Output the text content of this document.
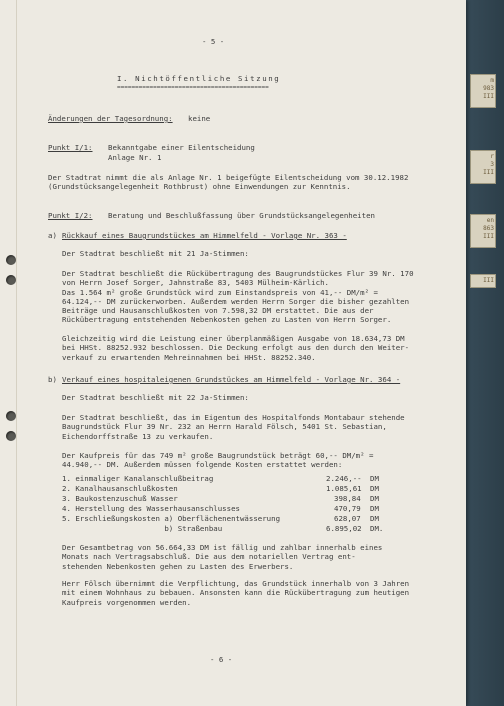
m
983
III
r
3
III
en
863
III
III

- 5 -

I. Nichtöffentliche Sitzung

==========================================

Änderungen der Tagesordnung: keine

Punkt I/1: Bekanntgabe einer Eilentscheidung

Anlage Nr. 1

Der Stadtrat nimmt die als Anlage Nr. 1 beigefügte Eilentscheidung vom 30.12.1982
(Grundstücksangelegenheit Rothbrust) ohne Einwendungen zur Kenntnis.

Punkt I/2: Beratung und Beschlußfassung über Grundstücksangelegenheiten

a) Rückkauf eines Baugrundstückes am Himmelfeld - Vorlage Nr. 363 -

Der Stadtrat beschließt mit 21 Ja-Stimmen:

Der Stadtrat beschließt die Rückübertragung des Baugrundstückes Flur 39 Nr. 170
von Herrn Josef Sorger, Jahnstraße 83, 5403 Mülheim-Kärlich.
Das 1.564 m² große Grundstück wird zum Einstandspreis von 41,-- DM/m² =
64.124,-- DM zurückerworben. Außerdem werden Herrn Sorger die bisher gezahlten
Beiträge und Hausanschlußkosten von 7.598,32 DM erstattet. Die aus der
Rückübertragung entstehenden Nebenkosten gehen zu Lasten von Herrn Sorger.

Gleichzeitig wird die Leistung einer überplanmäßigen Ausgabe von 18.634,73 DM
bei HHSt. 88252.932 beschlossen. Die Deckung erfolgt aus den durch den Weiter-
verkauf zu erwartenden Mehreinnahmen bei HHSt. 88252.340.

b) Verkauf eines hospitaleigenen Grundstückes am Himmelfeld - Vorlage Nr. 364 -

Der Stadtrat beschließt mit 22 Ja-Stimmen:

Der Stadtrat beschließt, das im Eigentum des Hospitalfonds Montabaur stehende
Baugrundstück Flur 39 Nr. 232 an Herrn Harald Fölsch, 5401 St. Sebastian,
Eichendorffstraße 13 zu verkaufen.

Der Kaufpreis für das 749 m² große Baugrundstück beträgt 60,-- DM/m² =
44.940,-- DM. Außerdem müssen folgende Kosten erstattet werden:

1. einmaliger Kanalanschlußbeitrag	2.246,-- DM

2. Kanalhausanschlußkosten	1.085,61 DM

3. Baukostenzuschuß Wasser	398,84 DM

4. Herstellung des Wasserhausanschlusses	470,79 DM

5. Erschließungskosten a) Oberflächenentwässerung	628,07 DM

b) Straßenbau	6.895,02 DM.

Der Gesamtbetrag von 56.664,33 DM ist fällig und zahlbar innerhalb eines
Monats nach Vertragsabschluß. Die aus dem notariellen Vertrag ent-
stehenden Nebenkosten gehen zu Lasten des Erwerbers.

Herr Fölsch übernimmt die Verpflichtung, das Grundstück innerhalb von 3 Jahren
mit einem Wohnhaus zu bebauen. Ansonsten kann die Rückübertragung zum heutigen
Kaufpreis vorgenommen werden.

- 6 -
